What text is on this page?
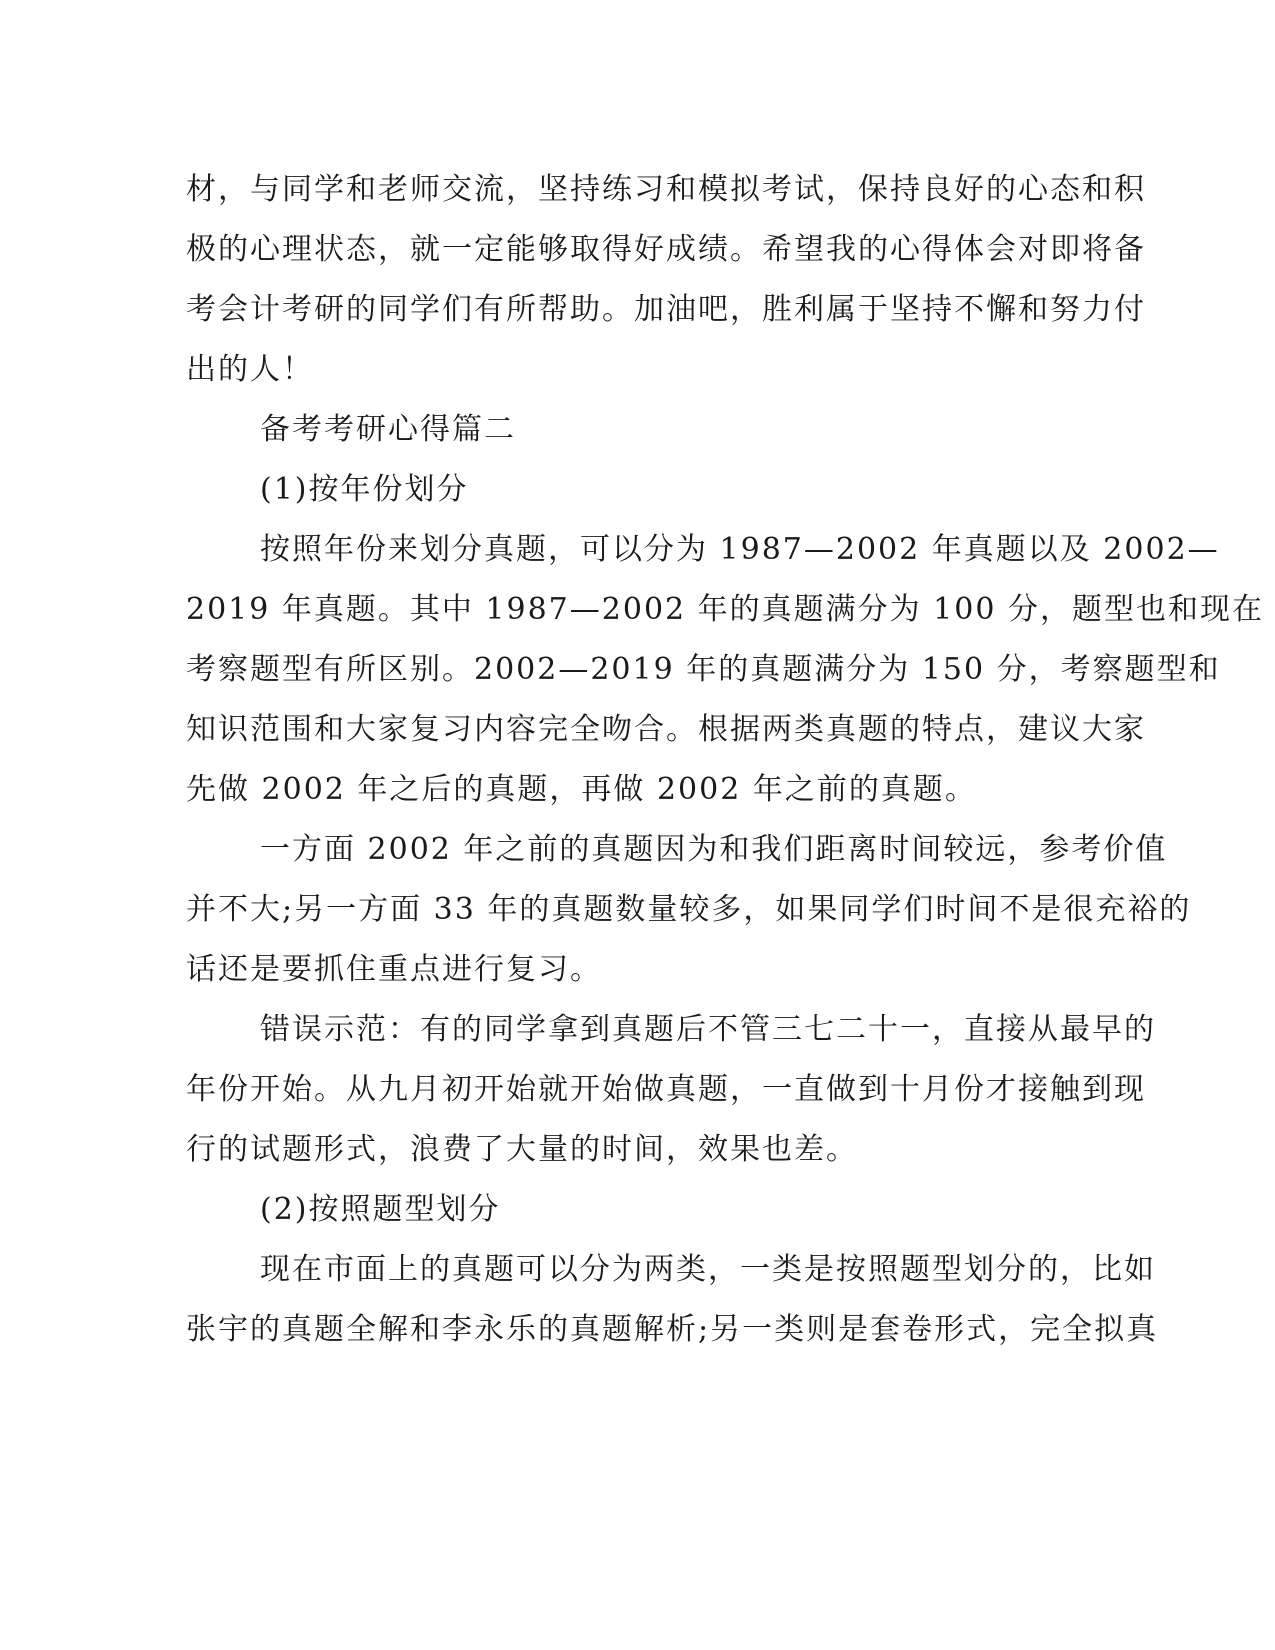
材，与同学和老师交流，坚持练习和模拟考试，保持良好的心态和积
极的心理状态，就一定能够取得好成绩。希望我的心得体会对即将备
考会计考研的同学们有所帮助。加油吧，胜利属于坚持不懈和努力付
出的人！
备考考研心得篇二
(1)按年份划分
按照年份来划分真题，可以分为 1987—2002 年真题以及 2002—
2019 年真题。其中 1987—2002 年的真题满分为 100 分，题型也和现在
考察题型有所区别。2002—2019 年的真题满分为 150 分，考察题型和
知识范围和大家复习内容完全吻合。根据两类真题的特点，建议大家
先做 2002 年之后的真题，再做 2002 年之前的真题。
一方面 2002 年之前的真题因为和我们距离时间较远，参考价值
并不大;另一方面 33 年的真题数量较多，如果同学们时间不是很充裕的
话还是要抓住重点进行复习。
错误示范：有的同学拿到真题后不管三七二十一，直接从最早的
年份开始。从九月初开始就开始做真题，一直做到十月份才接触到现
行的试题形式，浪费了大量的时间，效果也差。
(2)按照题型划分
现在市面上的真题可以分为两类，一类是按照题型划分的，比如
张宇的真题全解和李永乐的真题解析;另一类则是套卷形式，完全拟真
